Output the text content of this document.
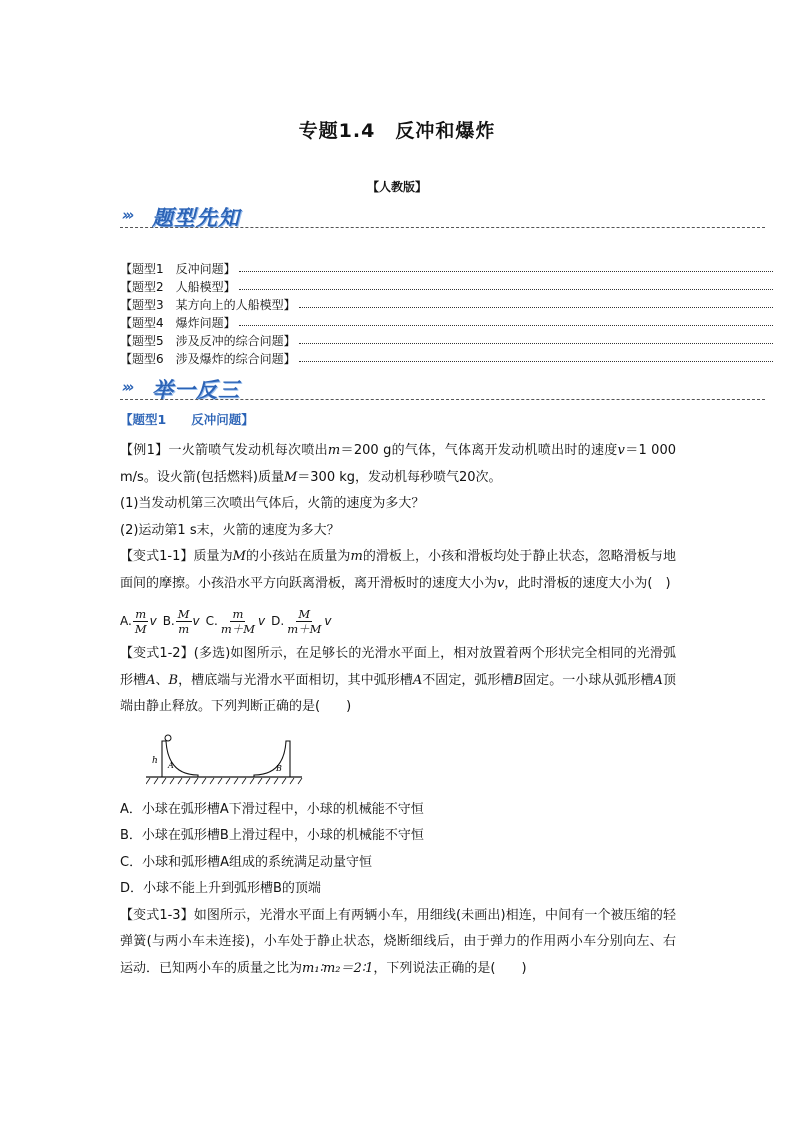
专题1.4　反冲和爆炸
【人教版】
››› 题型先知
【题型1　反冲问题】
【题型2　人船模型】
【题型3　某方向上的人船模型】
【题型4　爆炸问题】
【题型5　涉及反冲的综合问题】
【题型6　涉及爆炸的综合问题】
››› 举一反三
【题型1　　反冲问题】

【例1】一火箭喷气发动机每次喷出m＝200 g的气体，气体离开发动机喷出时的速度v＝1 000 m/s。设火箭(包括燃料)质量M＝300 kg，发动机每秒喷气20次。

(1)当发动机第三次喷出气体后，火箭的速度为多大？

(2)运动第1 s末，火箭的速度为多大？

【变式1-1】质量为M的小孩站在质量为m的滑板上，小孩和滑板均处于静止状态，忽略滑板与地面间的摩擦。小孩沿水平方向跃离滑板，离开滑板时的速度大小为v，此时滑板的速度大小为(　)

A. $\frac{m}{M}$ v B. $\frac{M}{m}$ v C. $\frac{m}{m+M}$ v D. $\frac{M}{m+M}$ v

【变式1-2】(多选)如图所示，在足够长的光滑水平面上，相对放置着两个形状完全相同的光滑弧形槽A、B，槽底端与光滑水平面相切，其中弧形槽A不固定，弧形槽B固定。一小球从弧形槽A顶端由静止释放。下列判断正确的是(　　)

h A	B

A．小球在弧形槽A下滑过程中，小球的机械能不守恒

B．小球在弧形槽B上滑过程中，小球的机械能不守恒

C．小球和弧形槽A组成的系统满足动量守恒

D．小球不能上升到弧形槽B的顶端

【变式1-3】如图所示，光滑水平面上有两辆小车，用细线(未画出)相连，中间有一个被压缩的轻弹簧(与两小车未连接)，小车处于静止状态，烧断细线后，由于弹力的作用两小车分别向左、右运动．已知两小车的质量之比为m₁∶m₂＝2∶1，下列说法正确的是(　　)
